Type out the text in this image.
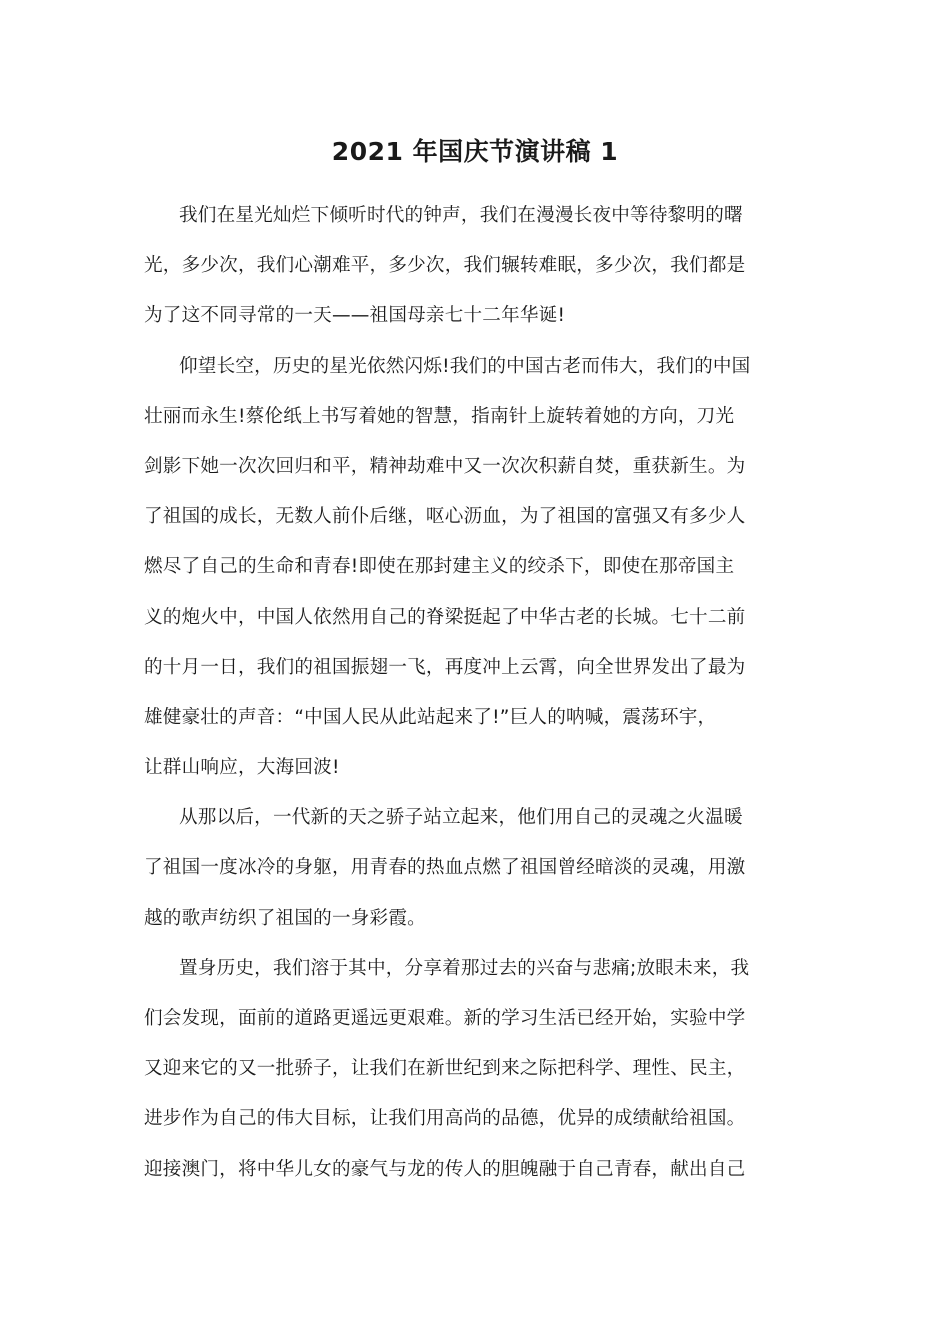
2021 年国庆节演讲稿 1
我们在星光灿烂下倾听时代的钟声，我们在漫漫长夜中等待黎明的曙
光，多少次，我们心潮难平，多少次，我们辗转难眠，多少次，我们都是
为了这不同寻常的一天——祖国母亲七十二年华诞!
仰望长空，历史的星光依然闪烁!我们的中国古老而伟大，我们的中国
壮丽而永生!蔡伦纸上书写着她的智慧，指南针上旋转着她的方向，刀光
剑影下她一次次回归和平，精神劫难中又一次次积薪自焚，重获新生。为
了祖国的成长，无数人前仆后继，呕心沥血，为了祖国的富强又有多少人
燃尽了自己的生命和青春!即使在那封建主义的绞杀下，即使在那帝国主
义的炮火中，中国人依然用自己的脊梁挺起了中华古老的长城。七十二前
的十月一日，我们的祖国振翅一飞，再度冲上云霄，向全世界发出了最为
雄健豪壮的声音：“中国人民从此站起来了!”巨人的呐喊，震荡环宇，
让群山响应，大海回波!
从那以后，一代新的天之骄子站立起来，他们用自己的灵魂之火温暖
了祖国一度冰冷的身躯，用青春的热血点燃了祖国曾经暗淡的灵魂，用激
越的歌声纺织了祖国的一身彩霞。
置身历史，我们溶于其中，分享着那过去的兴奋与悲痛;放眼未来，我
们会发现，面前的道路更遥远更艰难。新的学习生活已经开始，实验中学
又迎来它的又一批骄子，让我们在新世纪到来之际把科学、理性、民主，
进步作为自己的伟大目标，让我们用高尚的品德，优异的成绩献给祖国。
迎接澳门，将中华儿女的豪气与龙的传人的胆魄融于自己青春，献出自己
